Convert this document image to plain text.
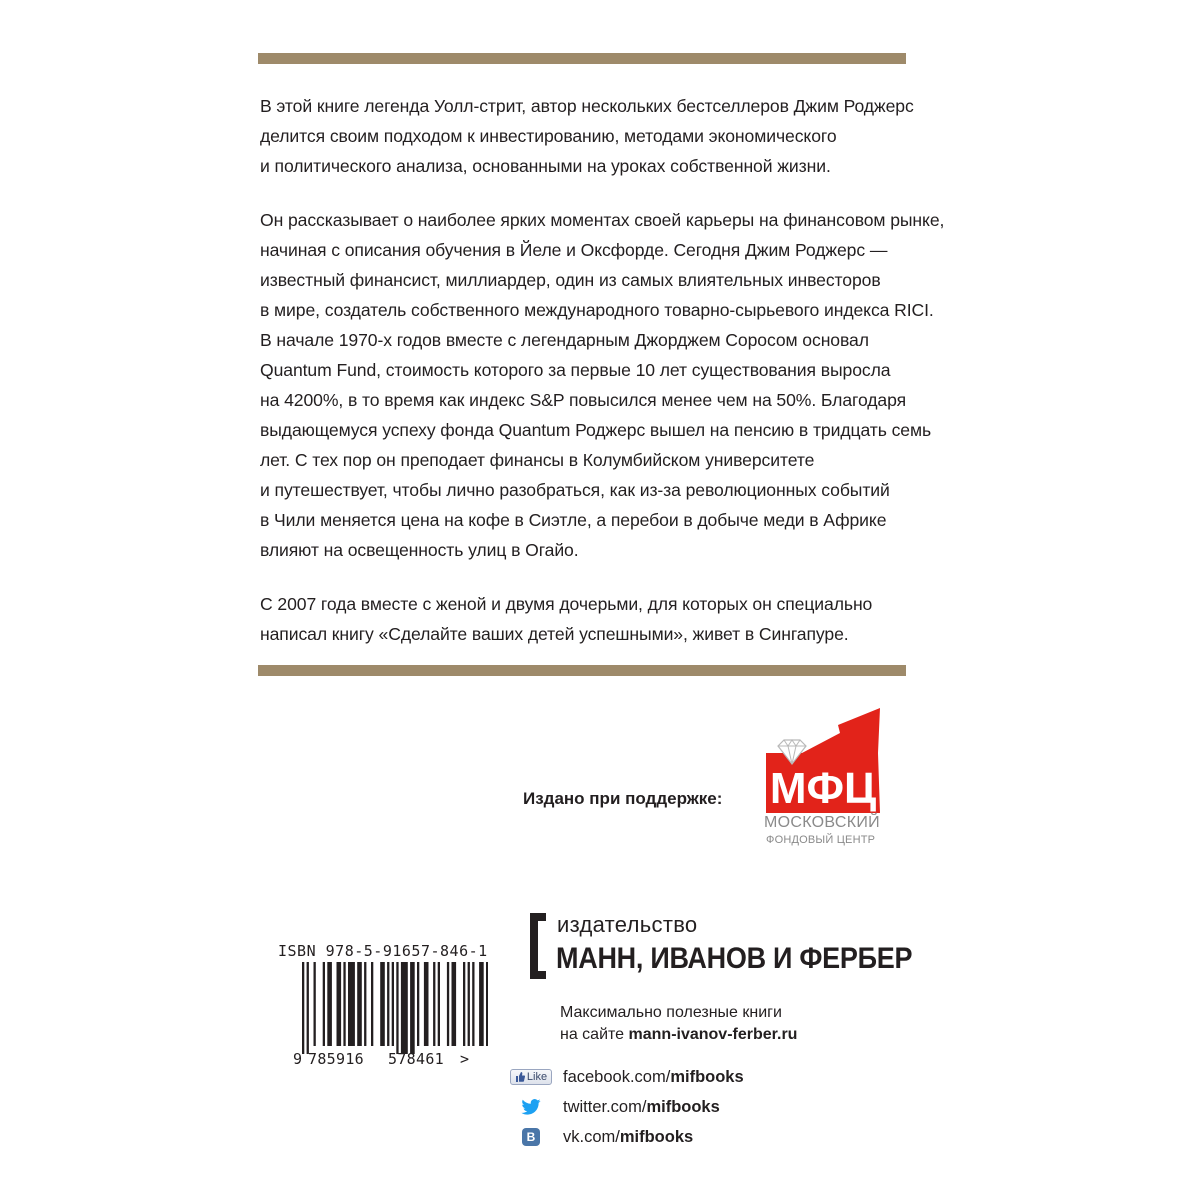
В этой книге легенда Уолл-стрит, автор нескольких бестселлеров Джим Роджерс

делится своим подходом к инвестированию, методами экономического

и политического анализа, основанными на уроках собственной жизни.

Он рассказывает о наиболее ярких моментах своей карьеры на финансовом рынке,

начиная с описания обучения в Йеле и Оксфорде. Сегодня Джим Роджерс —

известный финансист, миллиардер, один из самых влиятельных инвесторов

в мире, создатель собственного международного товарно-сырьевого индекса RICI.

В начале 1970-х годов вместе с легендарным Джорджем Соросом основал

Quantum Fund, стоимость которого за первые 10 лет существования выросла

на 4200%, в то время как индекс S&P повысился менее чем на 50%. Благодаря

выдающемуся успеху фонда Quantum Роджерс вышел на пенсию в тридцать семь

лет. С тех пор он преподает финансы в Колумбийском университете

и путешествует, чтобы лично разобраться, как из-за революционных событий

в Чили меняется цена на кофе в Сиэтле, а перебои в добыче меди в Африке

влияют на освещенность улиц в Огайо.

С 2007 года вместе с женой и двумя дочерьми, для которых он специально

написал книгу «Сделайте ваших детей успешными», живет в Сингапуре.

Издано при поддержке: МФЦ
МОСКОВСКИЙ
ФОНДОВЫЙ ЦЕНТР
ISBN 978-5-91657-846-1
9 785916 578461 >
издательство
МАНН, ИВАНОВ И ФЕРБЕР
Максимально полезные книги
на сайте mann-ivanov-ferber.ru
Like facebook.com/mifbooks
twitter.com/mifbooks
B vk.com/mifbooks
